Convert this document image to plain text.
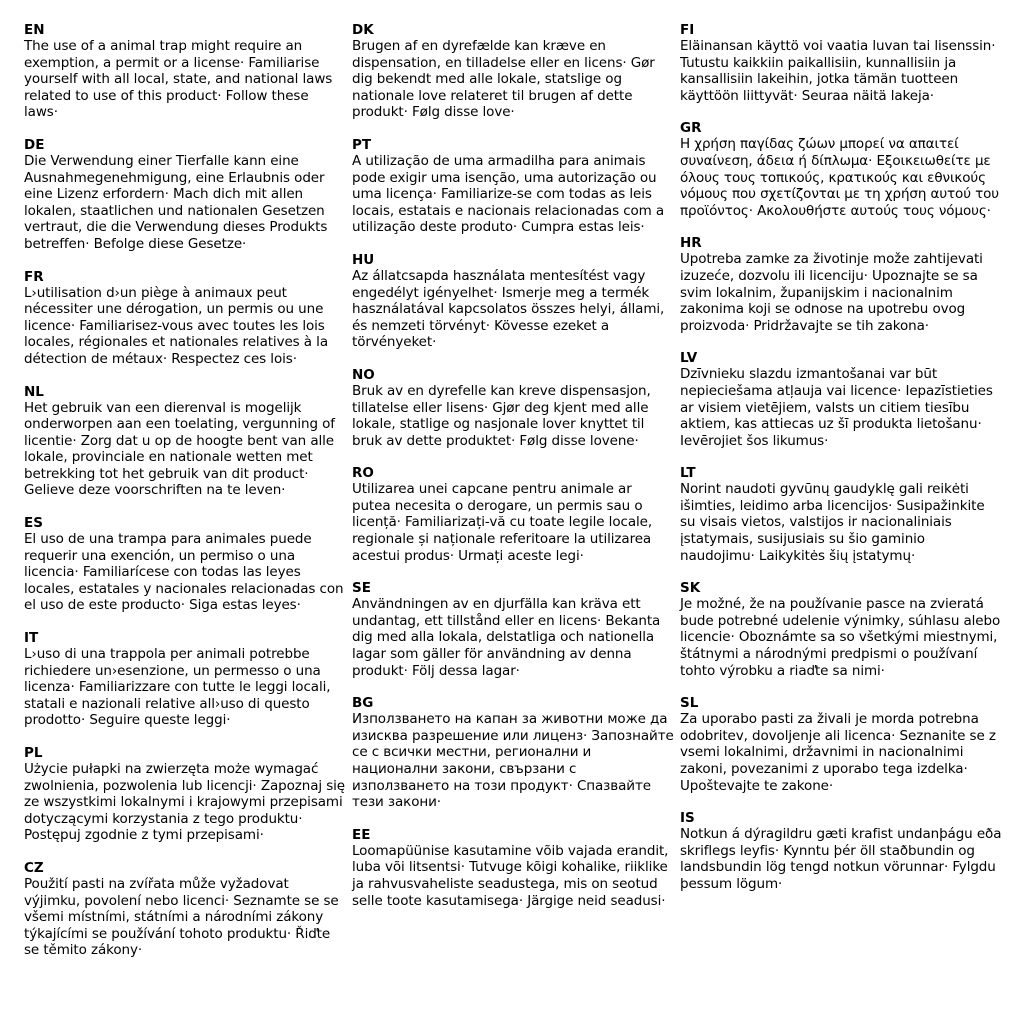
EN

The use of a animal trap might require an exemption, a permit or a license· Familiarise yourself with all local, state, and national laws related to use of this product· Follow these laws·

DE

Die Verwendung einer Tierfalle kann eine Ausnahmegenehmigung, eine Erlaubnis oder eine Lizenz erfordern· Mach dich mit allen lokalen, staatlichen und nationalen Gesetzen vertraut, die die Verwendung dieses Produkts betreffen· Befolge diese Gesetze·

FR

L›utilisation d›un piège à animaux peut nécessiter une dérogation, un permis ou une licence· Familiarisez-vous avec toutes les lois locales, régionales et nationales relatives à la détection de métaux· Respectez ces lois·

NL

Het gebruik van een dierenval is mogelijk onderworpen aan een toelating, vergunning of licentie· Zorg dat u op de hoogte bent van alle lokale, provinciale en nationale wetten met betrekking tot het gebruik van dit product· Gelieve deze voorschriften na te leven·

ES

El uso de una trampa para animales puede requerir una exención, un permiso o una licencia· Familiarícese con todas las leyes locales, estatales y nacionales relacionadas con el uso de este producto· Siga estas leyes·

IT

L›uso di una trappola per animali potrebbe richiedere un›esenzione, un permesso o una licenza· Familiarizzare con tutte le leggi locali, statali e nazionali relative all›uso di questo prodotto· Seguire queste leggi·

PL

Użycie pułapki na zwierzęta może wymagać zwolnienia, pozwolenia lub licencji· Zapoznaj się ze wszystkimi lokalnymi i krajowymi przepisami dotyczącymi korzystania z tego produktu· Postępuj zgodnie z tymi przepisami·

CZ

Použití pasti na zvířata může vyžadovat výjimku, povolení nebo licenci· Seznamte se se všemi místními, státními a národními zákony týkajícími se používání tohoto produktu· Řiďte se těmito zákony·

DK

Brugen af en dyrefælde kan kræve en dispensation, en tilladelse eller en licens· Gør dig bekendt med alle lokale, statslige og nationale love relateret til brugen af dette produkt· Følg disse love·

PT

A utilização de uma armadilha para animais pode exigir uma isenção, uma autorização ou uma licença· Familiarize-se com todas as leis locais, estatais e nacionais relacionadas com a utilização deste produto· Cumpra estas leis·

HU

Az állatcsapda használata mentesítést vagy engedélyt igényelhet· Ismerje meg a termék használatával kapcsolatos összes helyi, állami, és nemzeti törvényt· Kövesse ezeket a törvényeket·

NO

Bruk av en dyrefelle kan kreve dispensasjon, tillatelse eller lisens· Gjør deg kjent med alle lokale, statlige og nasjonale lover knyttet til bruk av dette produktet· Følg disse lovene·

RO

Utilizarea unei capcane pentru animale ar putea necesita o derogare, un permis sau o licență· Familiarizați-vă cu toate legile locale, regionale și naționale referitoare la utilizarea acestui produs· Urmați aceste legi·

SE

Användningen av en djurfälla kan kräva ett undantag, ett tillstånd eller en licens· Bekanta dig med alla lokala, delstatliga och nationella lagar som gäller för användning av denna produkt· Följ dessa lagar·

BG

Използването на капан за животни може да изисква разрешение или лиценз· Запознайте се с всички местни, регионални и национални закони, свързани с използването на този продукт· Спазвайте тези закони·

EE

Loomapüünise kasutamine võib vajada erandit, luba või litsentsi· Tutvuge kõigi kohalike, riiklike ja rahvusvaheliste seadustega, mis on seotud selle toote kasutamisega· Järgige neid seadusi·

FI

Eläinansan käyttö voi vaatia luvan tai lisenssin· Tutustu kaikkiin paikallisiin, kunnallisiin ja kansallisiin lakeihin, jotka tämän tuotteen käyttöön liittyvät· Seuraa näitä lakeja·

GR

Η χρήση παγίδας ζώων μπορεί να απαιτεί συναίνεση, άδεια ή δίπλωμα· Εξοικειωθείτε με όλους τους τοπικούς, κρατικούς και εθνικούς νόμους που σχετίζονται με τη χρήση αυτού του προϊόντος· Ακολουθήστε αυτούς τους νόμους·

HR

Upotreba zamke za životinje može zahtijevati izuzeće, dozvolu ili licenciju· Upoznajte se sa svim lokalnim, županijskim i nacionalnim zakonima koji se odnose na upotrebu ovog proizvoda· Pridržavajte se tih zakona·

LV

Dzīvnieku slazdu izmantošanai var būt nepieciešama atļauja vai licence· Iepazīstieties ar visiem vietējiem, valsts un citiem tiesību aktiem, kas attiecas uz šī produkta lietošanu· Ievērojiet šos likumus·

LT

Norint naudoti gyvūnų gaudyklę gali reikėti išimties, leidimo arba licencijos· Susipažinkite su visais vietos, valstijos ir nacionaliniais įstatymais, susijusiais su šio gaminio naudojimu· Laikykitės šių įstatymų·

SK

Je možné, že na používanie pasce na zvieratá bude potrebné udelenie výnimky, súhlasu alebo licencie· Oboznámte sa so všetkými miestnymi, štátnymi a národnými predpismi o používaní tohto výrobku a riaďte sa nimi·

SL

Za uporabo pasti za živali je morda potrebna odobritev, dovoljenje ali licenca· Seznanite se z vsemi lokalnimi, državnimi in nacionalnimi zakoni, povezanimi z uporabo tega izdelka· Upoštevajte te zakone·

IS

Notkun á dýragildru gæti krafist undanþágu eða skriflegs leyfis· Kynntu þér öll staðbundin og landsbundin lög tengd notkun vörunnar· Fylgdu þessum lögum·
